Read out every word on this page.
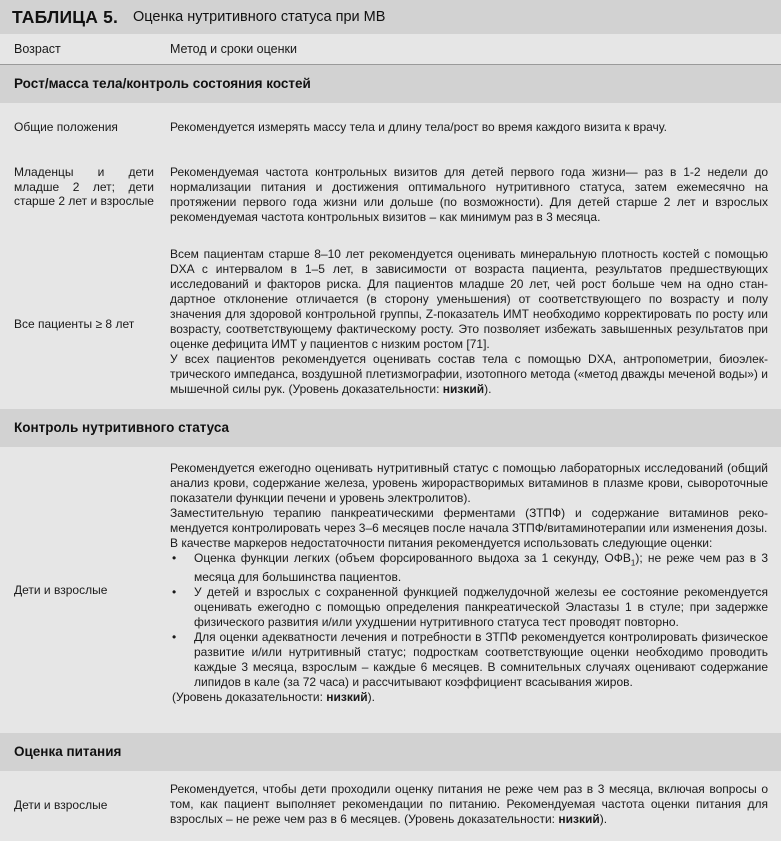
ТАБЛИЦА 5. Оценка нутритивного статуса при МВ
Возраст	Метод и сроки оценки
Рост/масса тела/контроль состояния костей
Общие положения	Рекомендуется измерять массу тела и длину тела/рост во время каждого визита к врачу.
Младенцы и дети младше 2 лет; дети старше 2 лет и взрослые
Рекомендуемая частота контрольных визитов для детей первого года жизни— раз в 1-2 недели до нормализации питания и достижения оптимального нутритивного статуса, затем ежемесячно на протяжении первого года жизни или дольше (по возможности). Для детей старше 2 лет и взрослых рекомендуемая частота контрольных визитов – как минимум раз в 3 месяца.
Все пациенты ≥ 8 лет

Всем пациентам старше 8–10 лет рекомендуется оценивать минеральную плотность костей с помощью DXA с интервалом в 1–5 лет, в зависимости от возраста пациента, результатов предшествующих исследований и факторов риска. Для пациентов младше 20 лет, чей рост больше чем на одно стандартное отклонение отличается (в сторону уменьшения) от соответствующего по возрасту и полу значения для здоровой контрольной группы, Z-показатель ИМТ необходимо корректировать по росту или возрасту, соответствующему фактическому росту. Это позволяет избежать завышенных результатов при оценке дефицита ИМТ у пациентов с низким ростом [71].

У всех пациентов рекомендуется оценивать состав тела с помощью DXA, антропометрии, биоэлектрического импеданса, воздушной плетизмографии, изотопного метода («метод дважды меченой воды») и мышечной силы рук. (Уровень доказательности: низкий).

Контроль нутритивного статуса
Дети и взрослые

Рекомендуется ежегодно оценивать нутритивный статус с помощью лабораторных исследований (общий анализ крови, содержание железа, уровень жирорастворимых витаминов в плазме крови, сывороточные показатели функции печени и уровень электролитов).

Заместительную терапию панкреатическими ферментами (ЗТПФ) и содержание витаминов рекомендуется контролировать через 3–6 месяцев после начала ЗТПФ/витаминотерапии или изменения дозы.

В качестве маркеров недостаточности питания рекомендуется использовать следующие оценки:

• Оценка функции легких (объем форсированного выдоха за 1 секунду, $ОФВ_1$); не реже чем раз в 3 месяца для большинства пациентов.
• У детей и взрослых с сохраненной функцией поджелудочной железы ее состояние рекомендуется оценивать ежегодно с помощью определения панкреатической Эластазы 1 в стуле; при задержке физического развития и/или ухудшении нутритивного статуса тест проводят повторно.
• Для оценки адекватности лечения и потребности в ЗТПФ рекомендуется контролировать физическое развитие и/или нутритивный статус; подросткам соответствующие оценки необходимо проводить каждые 3 месяца, взрослым – каждые 6 месяцев. В сомнительных случаях оценивают содержание липидов в кале (за 72 часа) и рассчитывают коэффициент всасывания жиров.

(Уровень доказательности: низкий).

Оценка питания
Дети и взрослые
Рекомендуется, чтобы дети проходили оценку питания не реже чем раз в 3 месяца, включая вопросы о том, как пациент выполняет рекомендации по питанию. Рекомендуемая частота оценки питания для взрослых – не реже чем раз в 6 месяцев. (Уровень доказательности: низкий).
